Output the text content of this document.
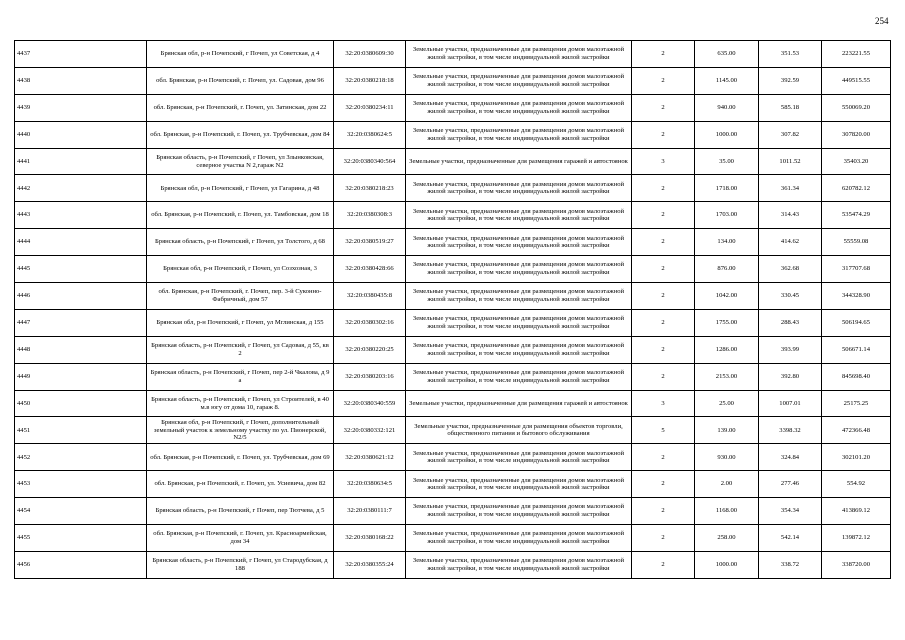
254
4437	Брянская обл, р-н Почепский, г Почеп, ул Советская, д 4	32:20:0380609:30	Земельные участки, предназначенные для размещения домов малоэтажной жилой застройки, в том числе индивидуальной жилой застройки	2	635.00	351.53	223221.55
4438	обл. Брянская, р-н Почепский, г. Почеп, ул. Садовая, дом 96	32:20:0380218:18	Земельные участки, предназначенные для размещения домов малоэтажной жилой застройки, в том числе индивидуальной жилой застройки	2	1145.00	392.59	449515.55
4439	обл. Брянская, р-н Почепский, г. Почеп, ул. Затинская, дом 22	32:20:0380234:11	Земельные участки, предназначенные для размещения домов малоэтажной жилой застройки, в том числе индивидуальной жилой застройки	2	940.00	585.18	550069.20
4440	обл. Брянская, р-н Почепский, г. Почеп, ул. Трубчевская, дом 84	32:20:0380624:5	Земельные участки, предназначенные для размещения домов малоэтажной жилой застройки, в том числе индивидуальной жилой застройки	2	1000.00	307.82	307820.00
4441	Брянская область, р-н Почепский, г Почеп, ул Злынковская, северное участка N 2,гараж N2	32:20:0380340:564	Земельные участки, предназначенные для размещения гаражей и автостоянок	3	35.00	1011.52	35403.20
4442	Брянская обл, р-н Почепский, г Почеп, ул Гагарина, д 48	32:20:0380218:23	Земельные участки, предназначенные для размещения домов малоэтажной жилой застройки, в том числе индивидуальной жилой застройки	2	1718.00	361.34	620782.12
4443	обл. Брянская, р-н Почепский, г. Почеп, ул. Тамбовская, дом 18	32:20:0380308:3	Земельные участки, предназначенные для размещения домов малоэтажной жилой застройки, в том числе индивидуальной жилой застройки	2	1703.00	314.43	535474.29
4444	Брянская область, р-н Почепский, г Почеп, ул Толстого, д 68	32:20:0380519:27	Земельные участки, предназначенные для размещения домов малоэтажной жилой застройки, в том числе индивидуальной жилой застройки	2	134.00	414.62	55559.08
4445	Брянская обл, р-н Почепский, г Почеп, ул Созхозная, 3	32:20:0380428:66	Земельные участки, предназначенные для размещения домов малоэтажной жилой застройки, в том числе индивидуальной жилой застройки	2	876.00	362.68	317707.68
4446	обл. Брянская, р-н Почепский, г. Почеп, пер. 3-й Суконно-Фабричный, дом 57	32:20:0380435:8	Земельные участки, предназначенные для размещения домов малоэтажной жилой застройки, в том числе индивидуальной жилой застройки	2	1042.00	330.45	344328.90
4447	Брянская обл, р-н Почепский, г Почеп, ул Мглинская, д 155	32:20:0380302:16	Земельные участки, предназначенные для размещения домов малоэтажной жилой застройки, в том числе индивидуальной жилой застройки	2	1755.00	288.43	506194.65
4448	Брянская область, р-н Почепский, г Почеп, ул Садовая, д 55, кв 2	32:20:0380220:25	Земельные участки, предназначенные для размещения домов малоэтажной жилой застройки, в том числе индивидуальной жилой застройки	2	1286.00	393.99	506671.14
4449	Брянская область, р-н Почепский, г Почеп, пер 2-й Чкалова, д 9 а	32:20:0380203:16	Земельные участки, предназначенные для размещения домов малоэтажной жилой застройки, в том числе индивидуальной жилой застройки	2	2153.00	392.80	845698.40
4450	Брянская область, р-н Почепский, г Почеп, ул Строителей, в 40 м.в югу от дома 10, гараж 8.	32:20:0380340:559	Земельные участки, предназначенные для размещения гаражей и автостоянок	3	25.00	1007.01	25175.25
4451	Брянская обл, р-н Почепский, г Почеп, дополнительный земельный участок к земельному участку по ул. Пионерской, N2/5	32:20:0380332:121	Земельные участки, предназначенные для размещения объектов торговли, общественного питания и бытового обслуживания	5	139.00	3398.32	472366.48
4452	обл. Брянская, р-н Почепский, г. Почеп, ул. Трубчевская, дом 69	32:20:0380621:12	Земельные участки, предназначенные для размещения домов малоэтажной жилой застройки, в том числе индивидуальной жилой застройки	2	930.00	324.84	302101.20
4453	обл. Брянская, р-н Почепский, г. Почеп, ул. Усиевича, дом 82	32:20:0380634:5	Земельные участки, предназначенные для размещения домов малоэтажной жилой застройки, в том числе индивидуальной жилой застройки	2	2.00	277.46	554.92
4454	Брянская область, р-н Почепский, г Почеп, пер Тютчева, д 5	32:20:0380111:7	Земельные участки, предназначенные для размещения домов малоэтажной жилой застройки, в том числе индивидуальной жилой застройки	2	1168.00	354.34	413869.12
4455	обл. Брянская, р-н Почепский, г. Почеп, ул. Красноармейская, дом 34	32:20:0380168:22	Земельные участки, предназначенные для размещения домов малоэтажной жилой застройки, в том числе индивидуальной жилой застройки	2	258.00	542.14	139872.12
4456	Брянская область, р-н Почепский, г Почеп, ул Стародубская, д 188	32:20:0380355:24	Земельные участки, предназначенные для размещения домов малоэтажной жилой застройки, в том числе индивидуальной жилой застройки	2	1000.00	338.72	338720.00
